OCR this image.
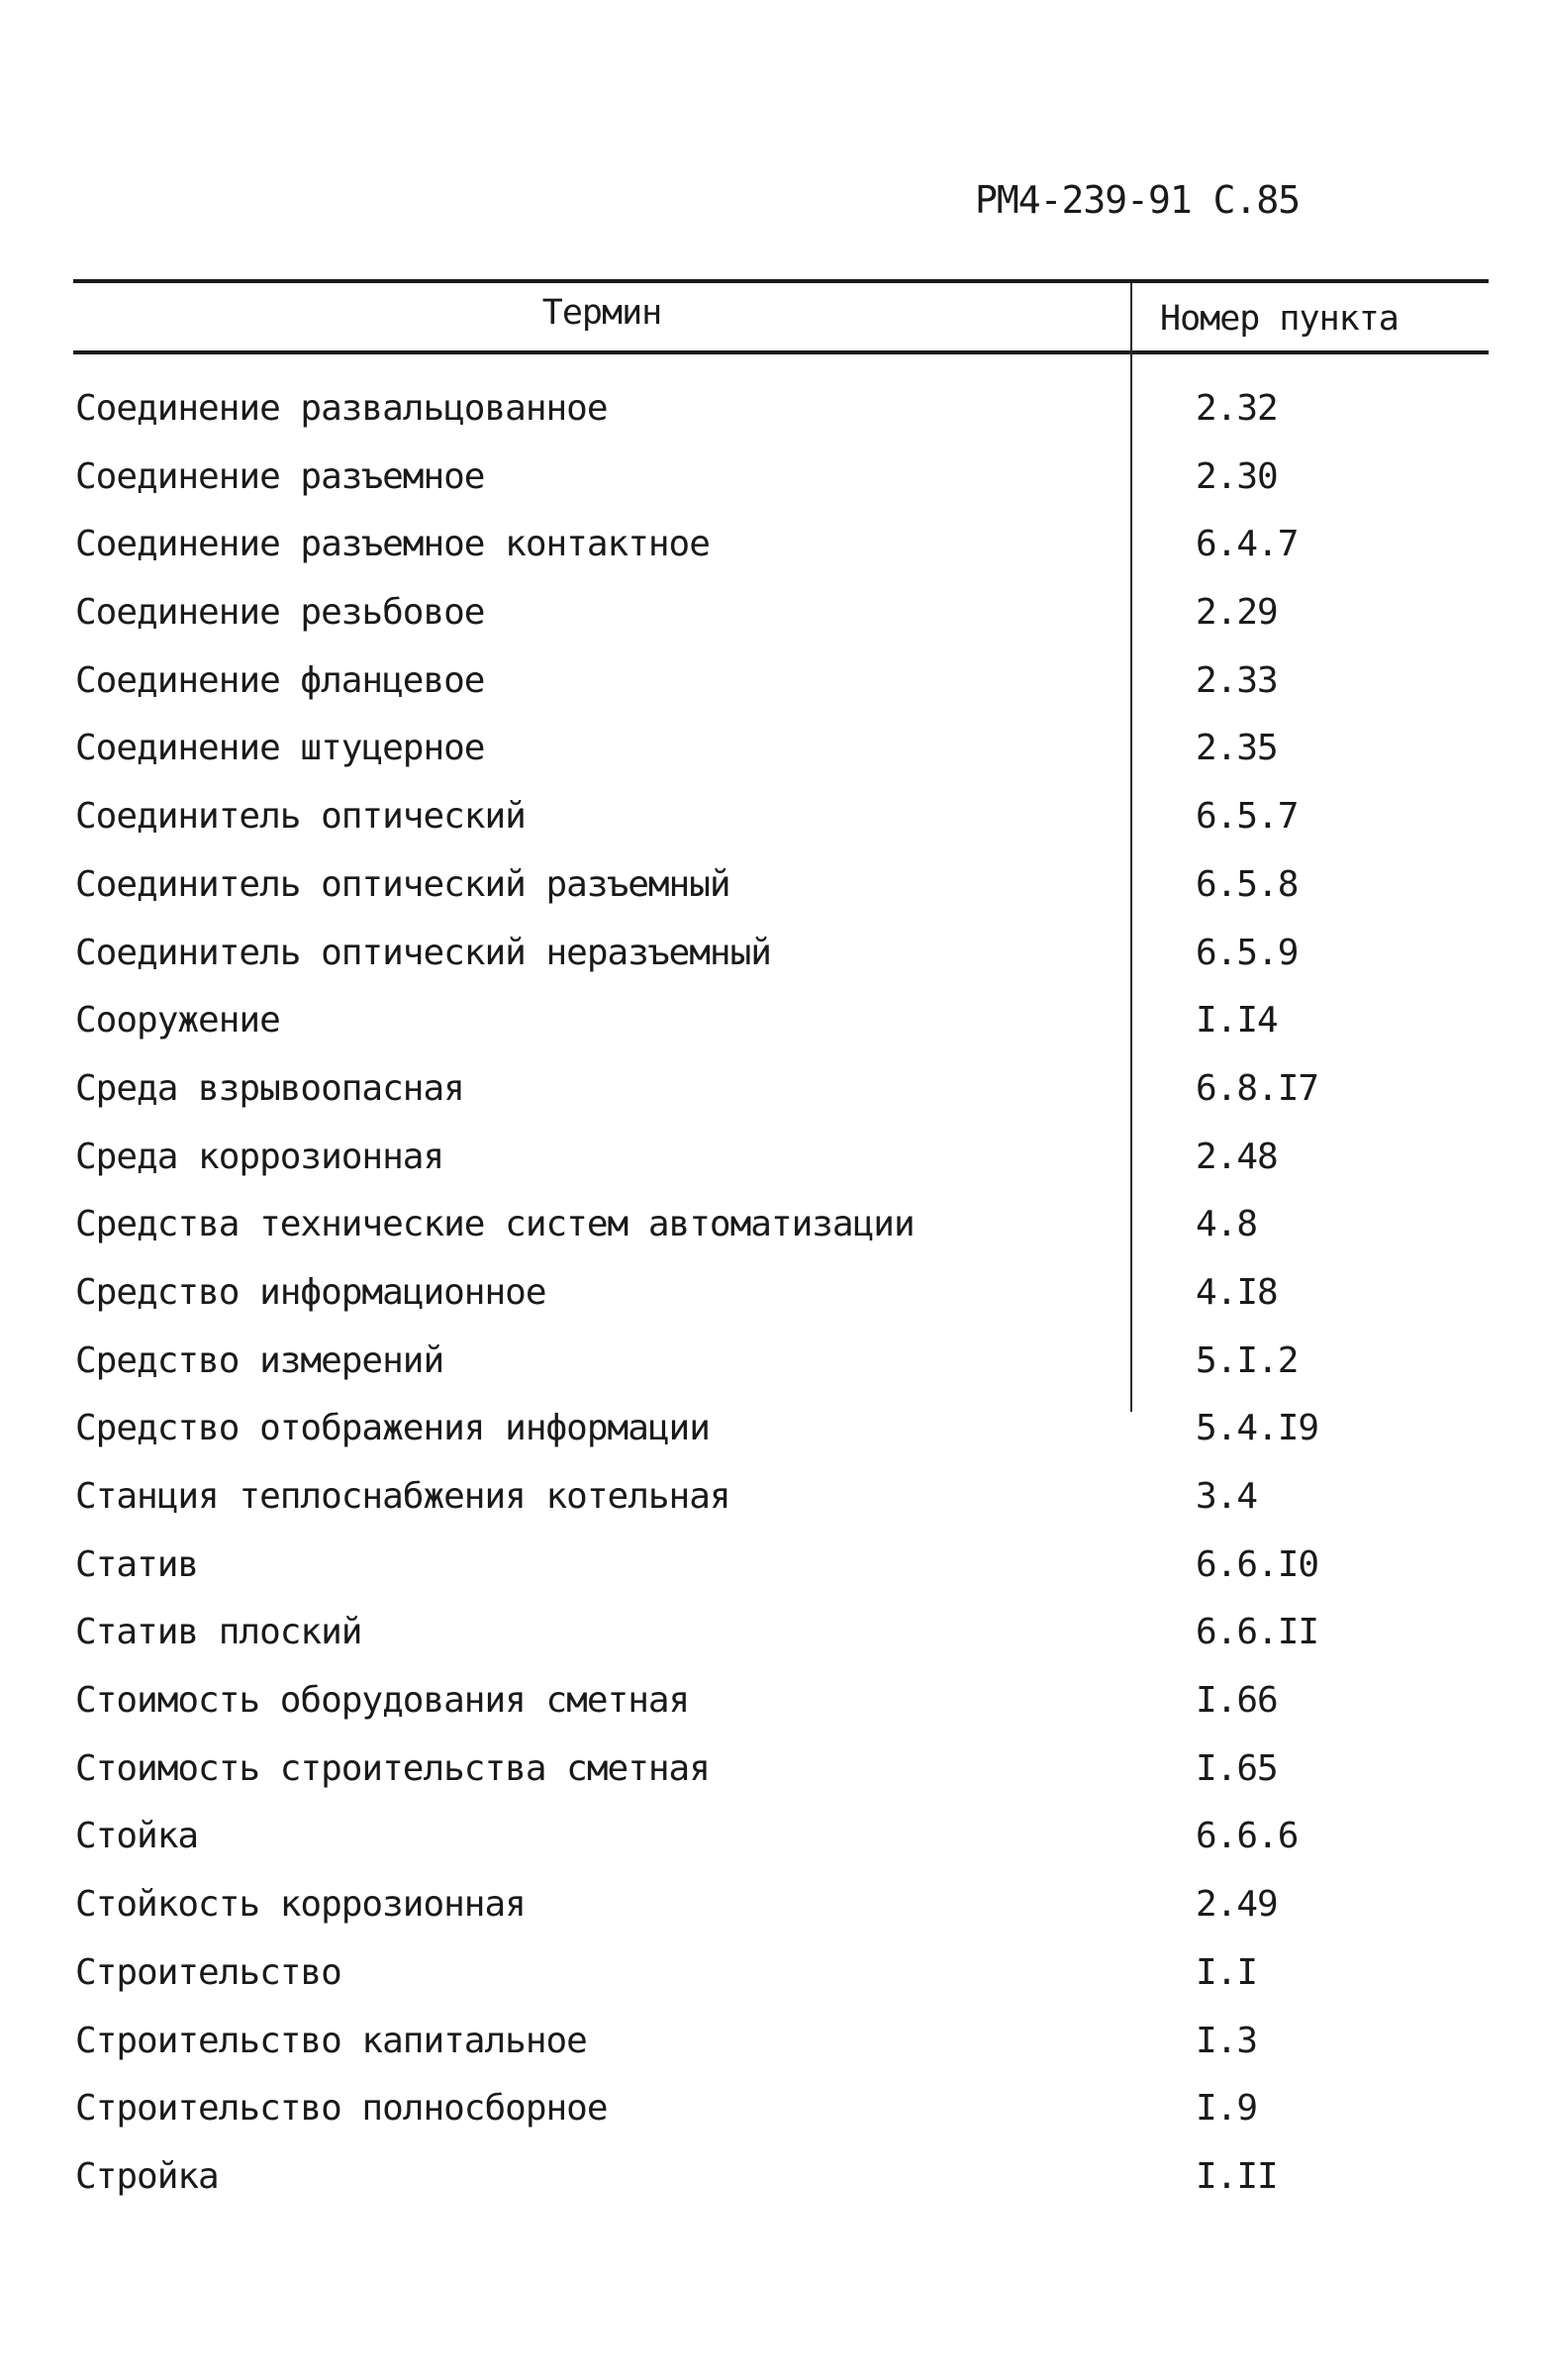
РМ4-239-91 С.85
Термин	Номер пункта
Соединение развальцованное	2.32
Соединение разъемное	2.30
Соединение разъемное контактное	6.4.7
Соединение резьбовое	2.29
Соединение фланцевое	2.33
Соединение штуцерное	2.35
Соединитель оптический	6.5.7
Соединитель оптический разъемный	6.5.8
Соединитель оптический неразъемный	6.5.9
Сооружение	I.I4
Среда взрывоопасная	6.8.I7
Среда коррозионная	2.48
Средства технические систем автоматизации	4.8
Средство информационное	4.I8
Средство измерений	5.I.2
Средство отображения информации	5.4.I9
Станция теплоснабжения котельная	3.4
Статив	6.6.I0
Статив плоский	6.6.II
Стоимость оборудования сметная	I.66
Стоимость строительства сметная	I.65
Стойка	6.6.6
Стойкость коррозионная	2.49
Строительство	I.I
Строительство капитальное	I.3
Строительство полносборное	I.9
Стройка	I.II
